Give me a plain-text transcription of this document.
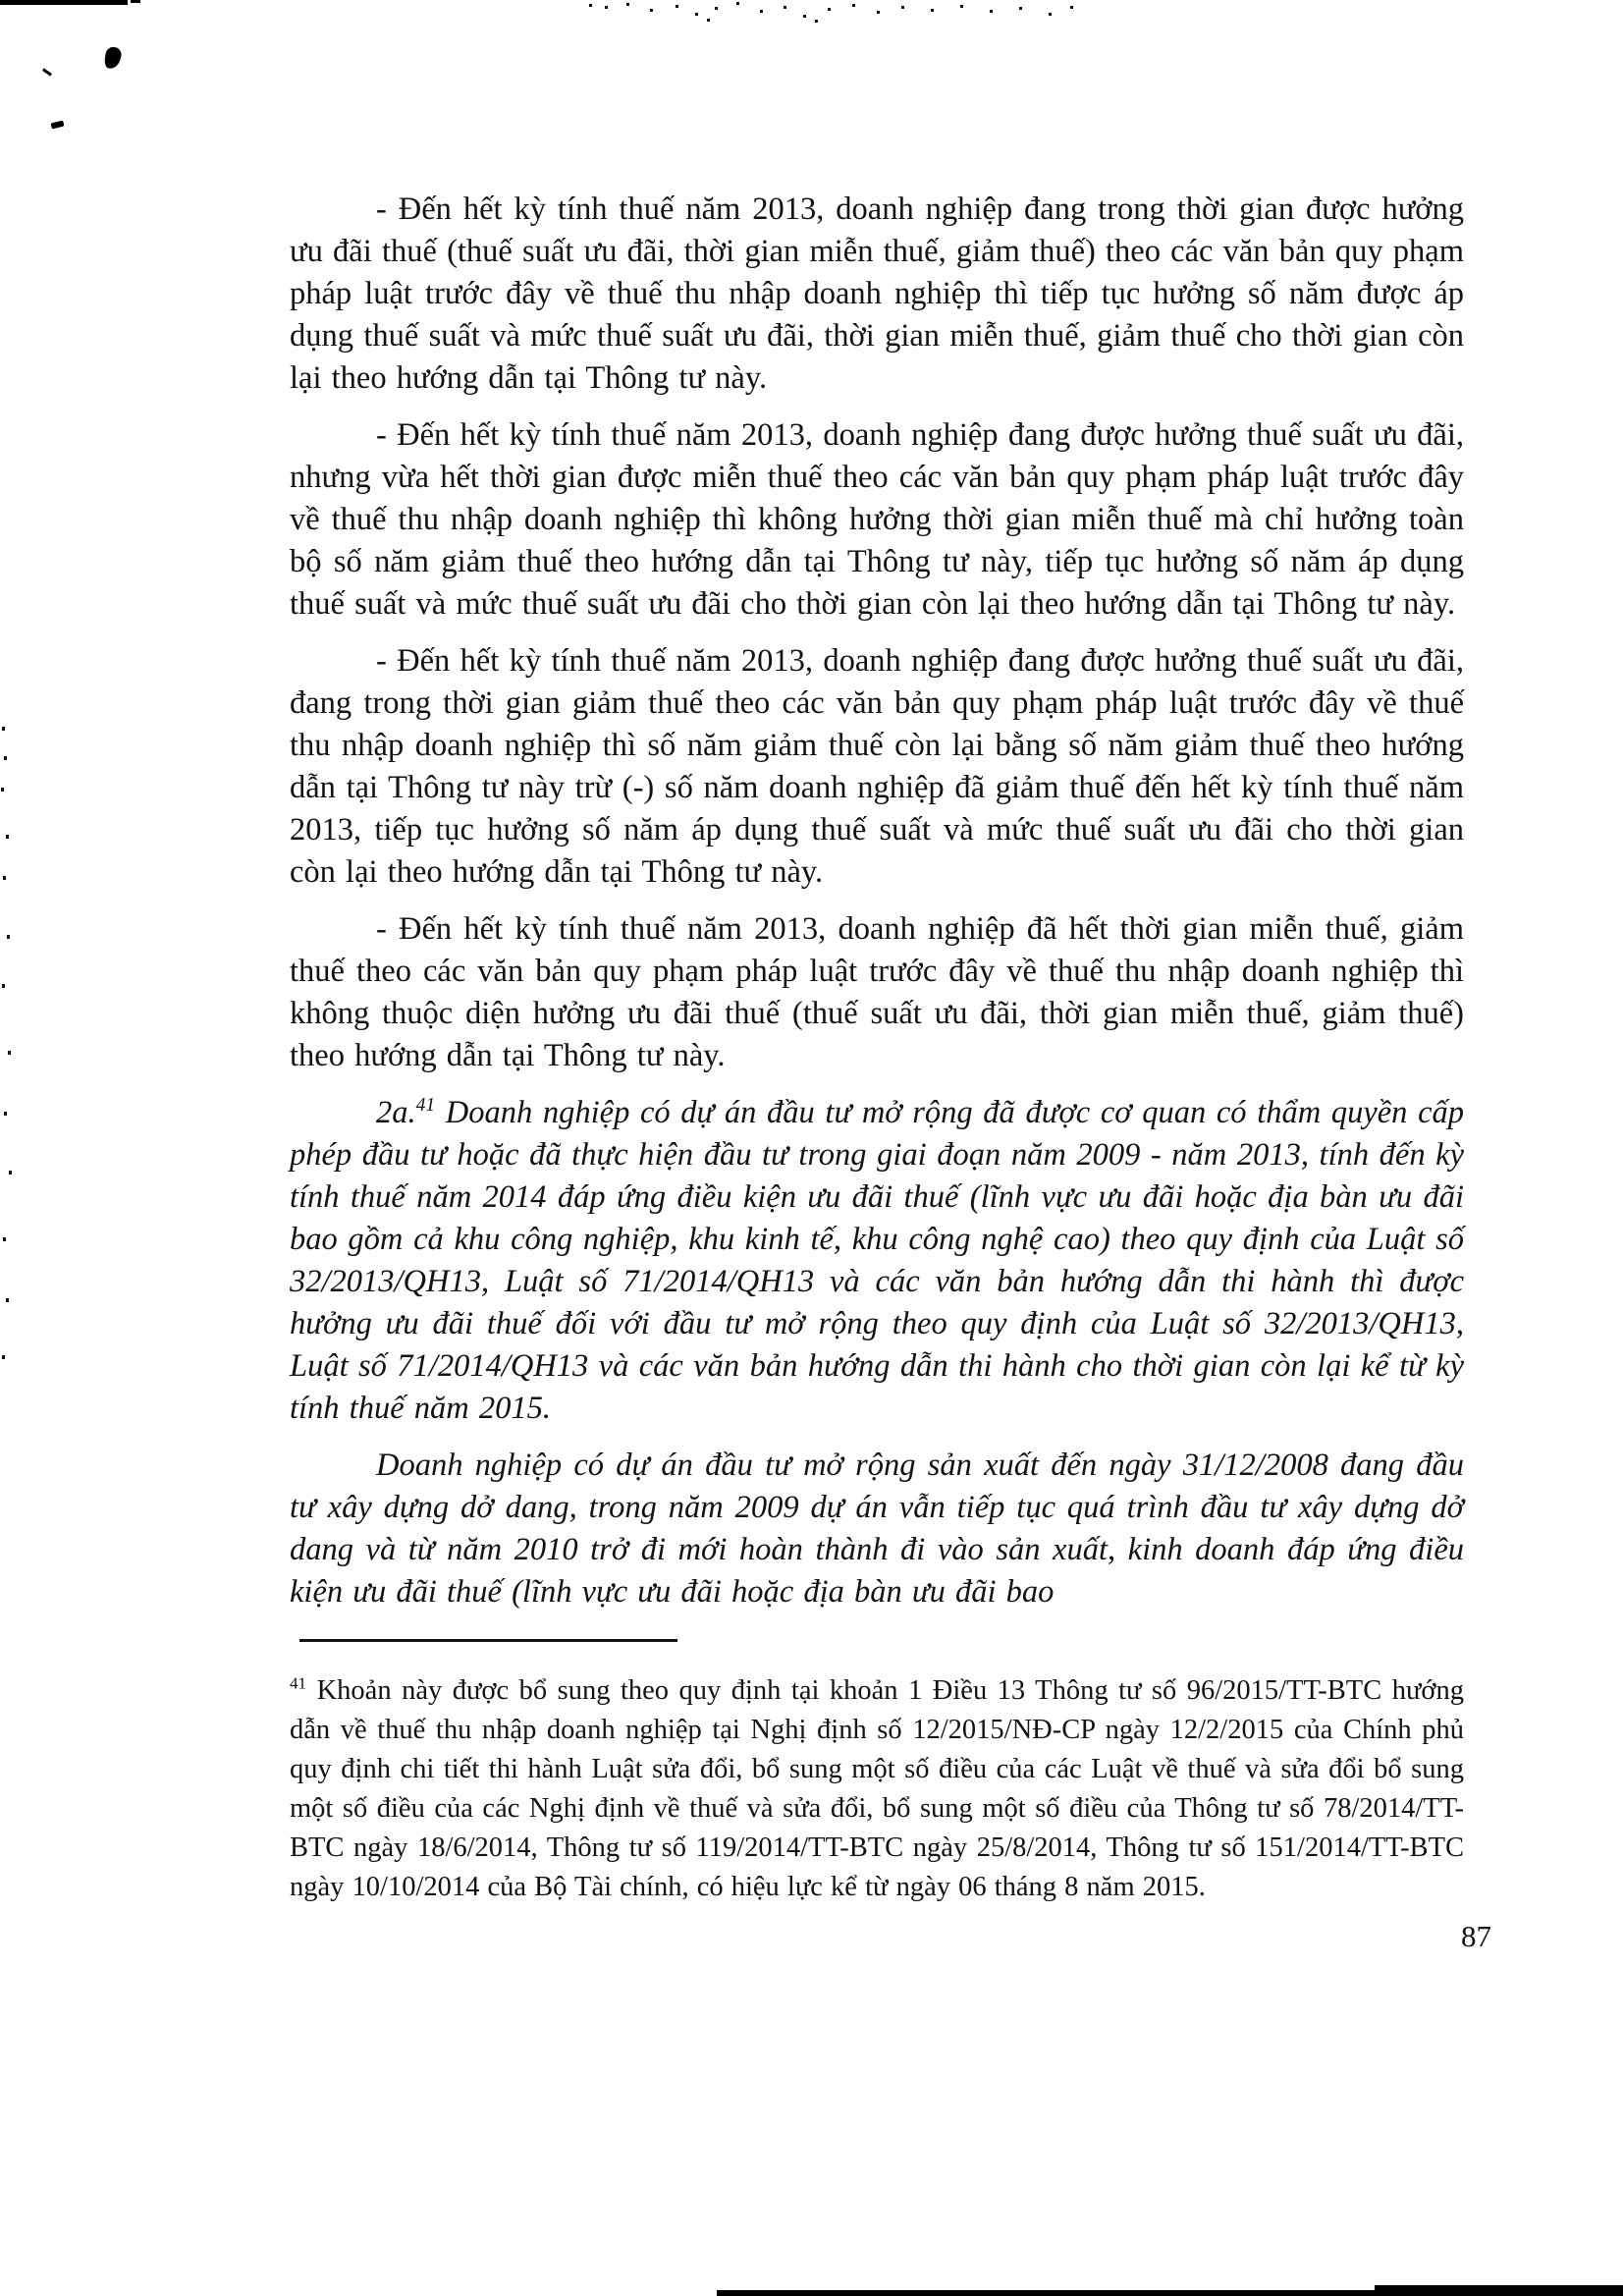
- Đến hết kỳ tính thuế năm 2013, doanh nghiệp đang trong thời gian được hưởng ưu đãi thuế (thuế suất ưu đãi, thời gian miễn thuế, giảm thuế) theo các văn bản quy phạm pháp luật trước đây về thuế thu nhập doanh nghiệp thì tiếp tục hưởng số năm được áp dụng thuế suất và mức thuế suất ưu đãi, thời gian miễn thuế, giảm thuế cho thời gian còn lại theo hướng dẫn tại Thông tư này.

- Đến hết kỳ tính thuế năm 2013, doanh nghiệp đang được hưởng thuế suất ưu đãi, nhưng vừa hết thời gian được miễn thuế theo các văn bản quy phạm pháp luật trước đây về thuế thu nhập doanh nghiệp thì không hưởng thời gian miễn thuế mà chỉ hưởng toàn bộ số năm giảm thuế theo hướng dẫn tại Thông tư này, tiếp tục hưởng số năm áp dụng thuế suất và mức thuế suất ưu đãi cho thời gian còn lại theo hướng dẫn tại Thông tư này.

- Đến hết kỳ tính thuế năm 2013, doanh nghiệp đang được hưởng thuế suất ưu đãi, đang trong thời gian giảm thuế theo các văn bản quy phạm pháp luật trước đây về thuế thu nhập doanh nghiệp thì số năm giảm thuế còn lại bằng số năm giảm thuế theo hướng dẫn tại Thông tư này trừ (-) số năm doanh nghiệp đã giảm thuế đến hết kỳ tính thuế năm 2013, tiếp tục hưởng số năm áp dụng thuế suất và mức thuế suất ưu đãi cho thời gian còn lại theo hướng dẫn tại Thông tư này.

- Đến hết kỳ tính thuế năm 2013, doanh nghiệp đã hết thời gian miễn thuế, giảm thuế theo các văn bản quy phạm pháp luật trước đây về thuế thu nhập doanh nghiệp thì không thuộc diện hưởng ưu đãi thuế (thuế suất ưu đãi, thời gian miễn thuế, giảm thuế) theo hướng dẫn tại Thông tư này.

2a.$^{41}$ Doanh nghiệp có dự án đầu tư mở rộng đã được cơ quan có thẩm quyền cấp phép đầu tư hoặc đã thực hiện đầu tư trong giai đoạn năm 2009 - năm 2013, tính đến kỳ tính thuế năm 2014 đáp ứng điều kiện ưu đãi thuế (lĩnh vực ưu đãi hoặc địa bàn ưu đãi bao gồm cả khu công nghiệp, khu kinh tế, khu công nghệ cao) theo quy định của Luật số 32/2013/QH13, Luật số 71/2014/QH13 và các văn bản hướng dẫn thi hành thì được hưởng ưu đãi thuế đối với đầu tư mở rộng theo quy định của Luật số 32/2013/QH13, Luật số 71/2014/QH13 và các văn bản hướng dẫn thi hành cho thời gian còn lại kể từ kỳ tính thuế năm 2015.

Doanh nghiệp có dự án đầu tư mở rộng sản xuất đến ngày 31/12/2008 đang đầu tư xây dựng dở dang, trong năm 2009 dự án vẫn tiếp tục quá trình đầu tư xây dựng dở dang và từ năm 2010 trở đi mới hoàn thành đi vào sản xuất, kinh doanh đáp ứng điều kiện ưu đãi thuế (lĩnh vực ưu đãi hoặc địa bàn ưu đãi bao

$^{41}$ Khoản này được bổ sung theo quy định tại khoản 1 Điều 13 Thông tư số 96/2015/TT-BTC hướng dẫn về thuế thu nhập doanh nghiệp tại Nghị định số 12/2015/NĐ-CP ngày 12/2/2015 của Chính phủ quy định chi tiết thi hành Luật sửa đổi, bổ sung một số điều của các Luật về thuế và sửa đổi bổ sung một số điều của các Nghị định về thuế và sửa đổi, bổ sung một số điều của Thông tư số 78/2014/TT-BTC ngày 18/6/2014, Thông tư số 119/2014/TT-BTC ngày 25/8/2014, Thông tư số 151/2014/TT-BTC ngày 10/10/2014 của Bộ Tài chính, có hiệu lực kể từ ngày 06 tháng 8 năm 2015.

87
